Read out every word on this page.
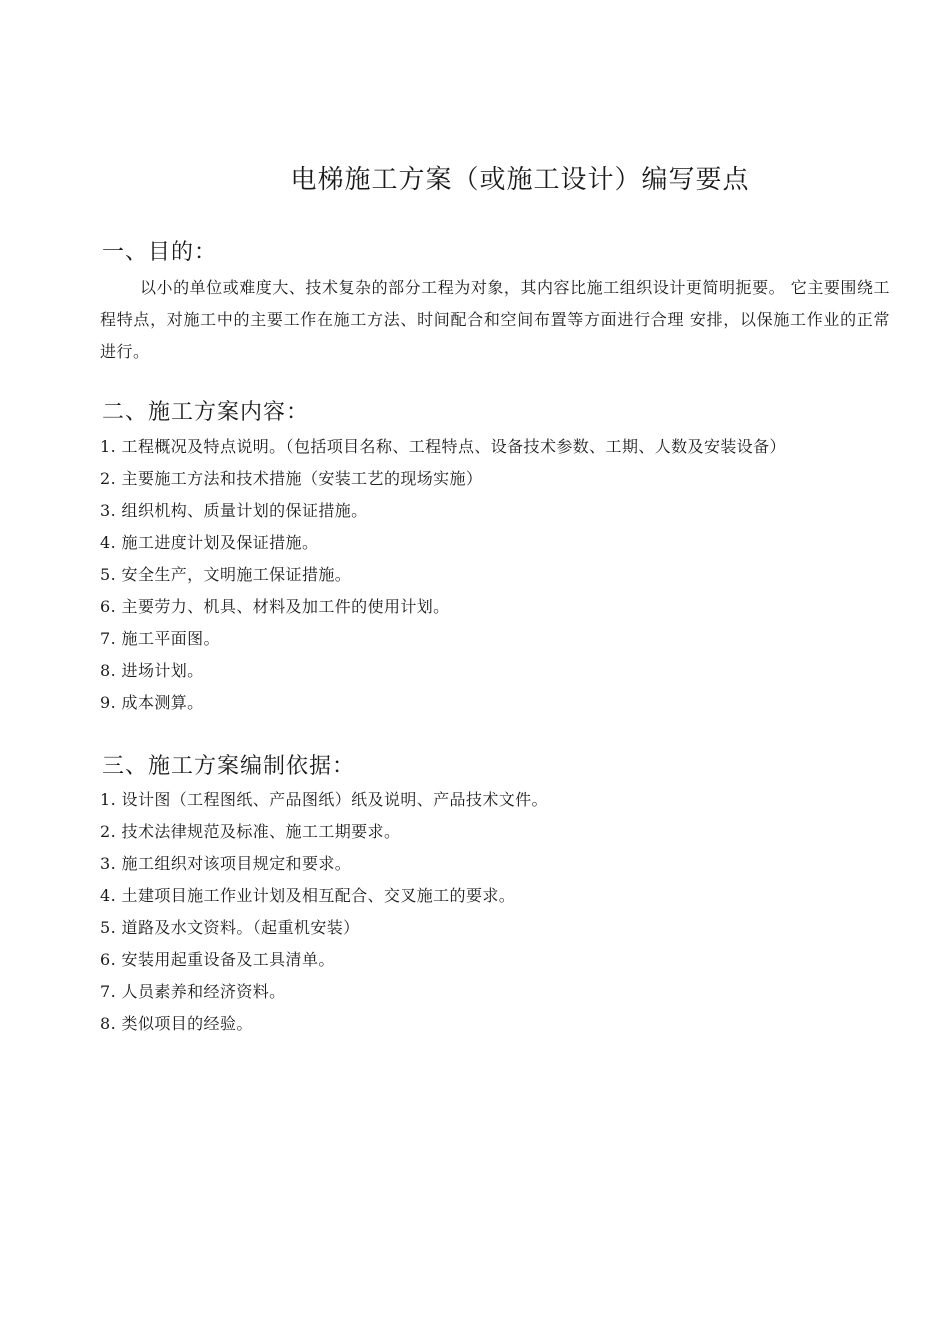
电梯施工方案（或施工设计）编写要点
一、目的：
以小的单位或难度大、技术复杂的部分工程为对象，其内容比施工组织设计更简明扼要。 它主要围绕工程特点，对施工中的主要工作在施工方法、时间配合和空间布置等方面进行合理 安排，以保施工作业的正常进行。
二、施工方案内容：
1. 工程概况及特点说明。（包括项目名称、工程特点、设备技术参数、工期、人数及安装设备）
2. 主要施工方法和技术措施（安装工艺的现场实施）
3. 组织机构、质量计划的保证措施。
4. 施工进度计划及保证措施。
5. 安全生产，文明施工保证措施。
6. 主要劳力、机具、材料及加工件的使用计划。
7. 施工平面图。
8. 进场计划。
9. 成本测算。
三、施工方案编制依据：
1. 设计图（工程图纸、产品图纸）纸及说明、产品技术文件。
2. 技术法律规范及标准、施工工期要求。
3. 施工组织对该项目规定和要求。
4. 土建项目施工作业计划及相互配合、交叉施工的要求。
5. 道路及水文资料。（起重机安装）
6. 安装用起重设备及工具清单。
7. 人员素养和经济资料。
8. 类似项目的经验。
